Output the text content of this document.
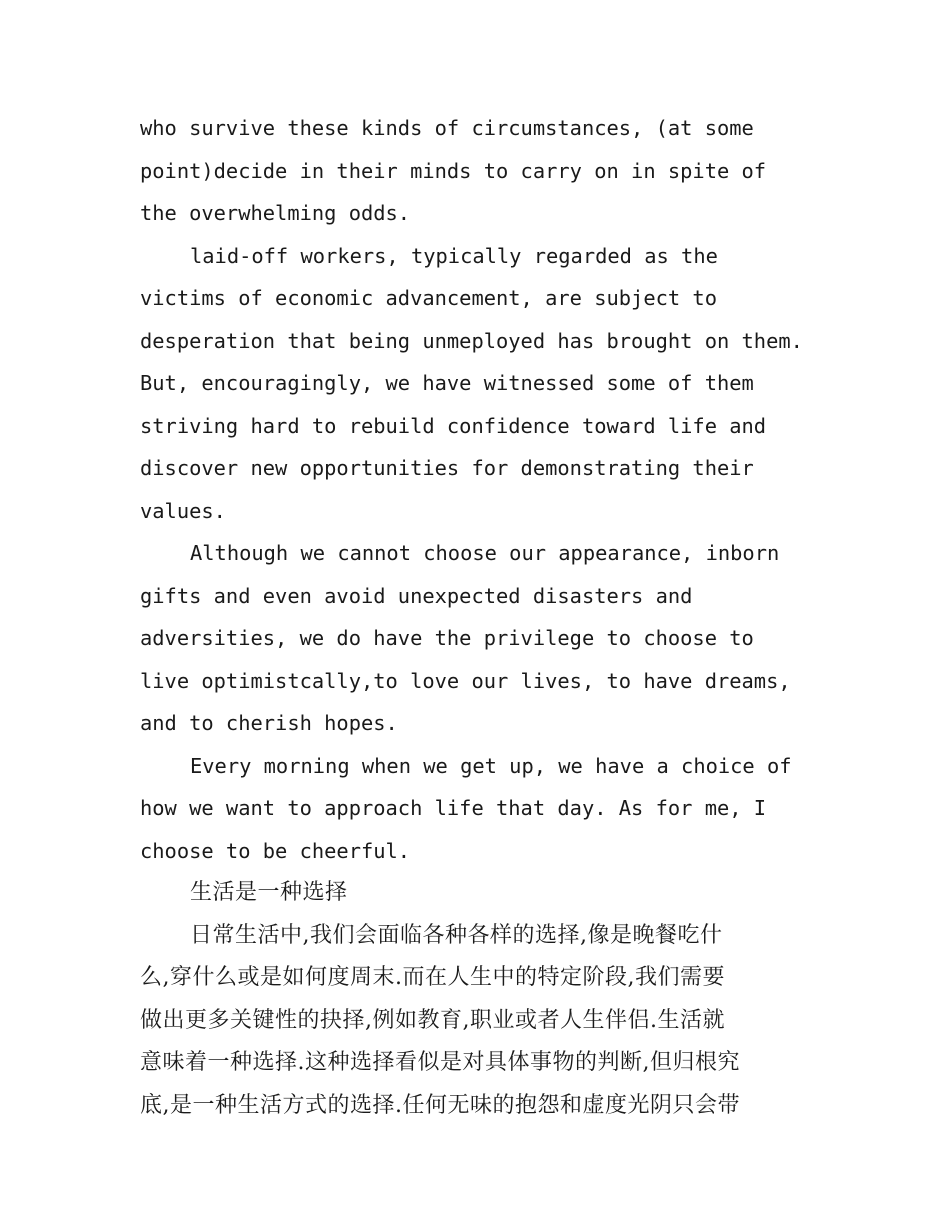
who survive these kinds of circumstances, (at some
point)decide in their minds to carry on in spite of
the overwhelming odds.
laid-off workers, typically regarded as the
victims of economic advancement, are subject to
desperation that being unmeployed has brought on them.
But, encouragingly, we have witnessed some of them
striving hard to rebuild confidence toward life and
discover new opportunities for demonstrating their
values.
Although we cannot choose our appearance, inborn
gifts and even avoid unexpected disasters and
adversities, we do have the privilege to choose to
live optimistcally,to love our lives, to have dreams,
and to cherish hopes.
Every morning when we get up, we have a choice of
how we want to approach life that day. As for me, I
choose to be cheerful.
生活是一种选择
日常生活中,我们会面临各种各样的选择,像是晚餐吃什
么,穿什么或是如何度周末.而在人生中的特定阶段,我们需要
做出更多关键性的抉择,例如教育,职业或者人生伴侣.生活就
意味着一种选择.这种选择看似是对具体事物的判断,但归根究
底,是一种生活方式的选择.任何无味的抱怨和虚度光阴只会带
